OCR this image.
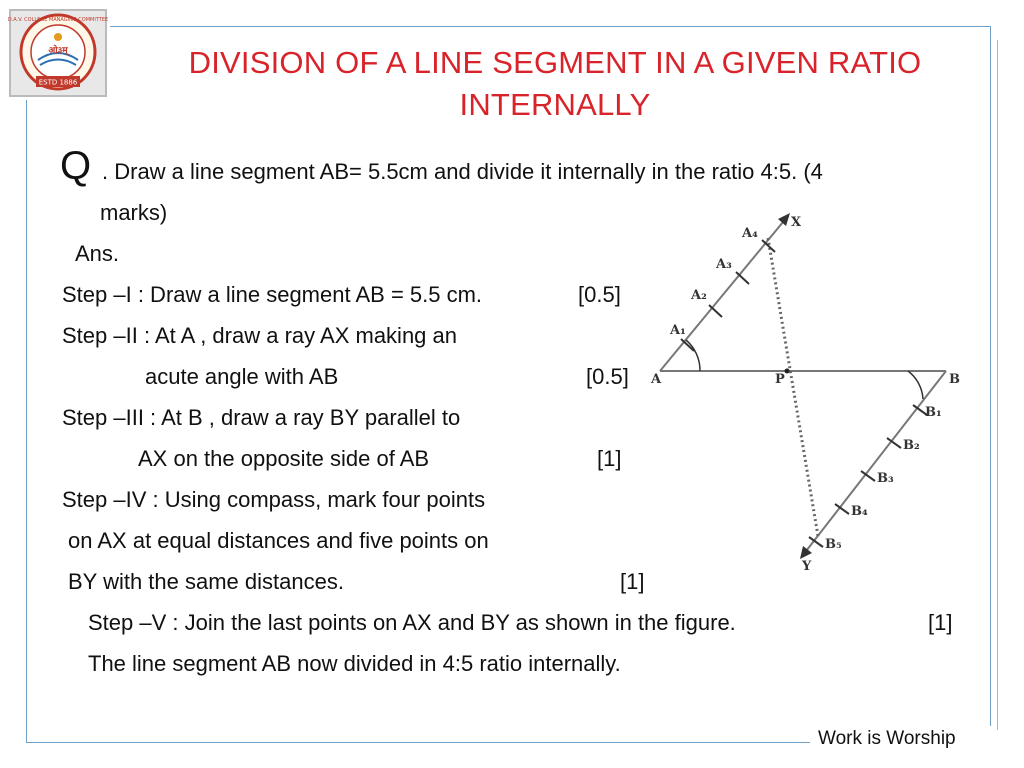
ओ३म्
D.A.V. COLLEGE MANAGING COMMITTEE
ESTD 1886
DIVISION OF A LINE SEGMENT IN A GIVEN RATIO
INTERNALLY
Q . Draw a line segment AB= 5.5cm and divide it internally in the ratio 4:5. (4
marks)
Ans.
Step –I : Draw a line segment AB = 5.5 cm.	[0.5]
Step –II : At A , draw a ray AX making an
acute angle with AB	[0.5]
Step –III : At B , draw a ray BY parallel to
AX on the opposite side of AB	[1]
Step –IV : Using compass, mark four points
on AX at equal distances and five points on
BY with the same distances.	[1]
Step –V : Join the last points on AX and BY as shown in the figure.	[1]
The line segment AB now divided in 4:5 ratio internally.
A	B
P
X
Y
A₁
A₂
A₃
A₄
B₁
B₂
B₃
B₄
B₅
Work is Worship
